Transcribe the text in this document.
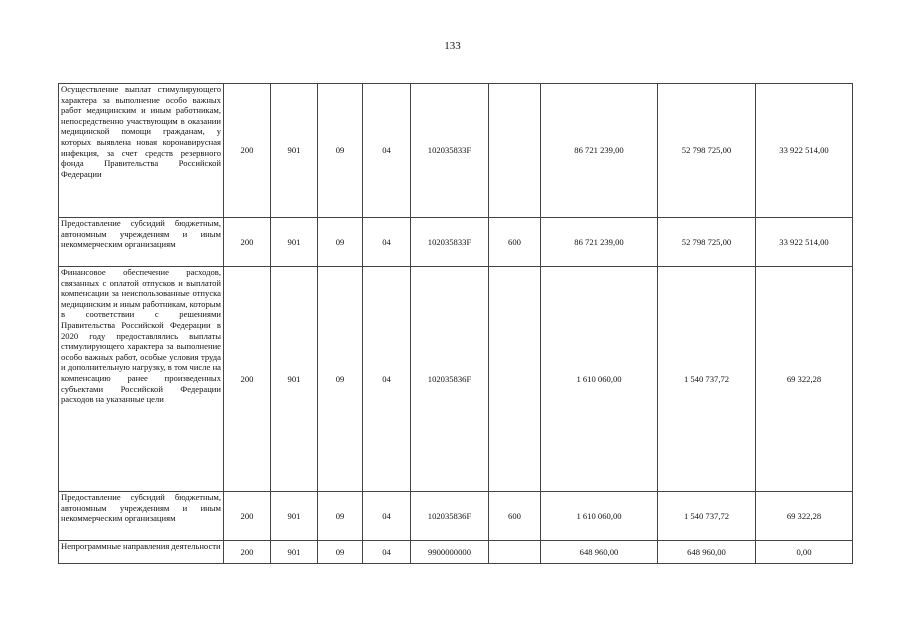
133
Осуществление выплат стимулирующего характера за выполнение особо важных работ медицинским и иным работникам, непосредственно участвующим в оказании медицинской помощи гражданам, у которых выявлена новая коронавирусная инфекция, за счет средств резервного фонда Правительства Российской Федерации	200	901	09	04	102035833F		86 721 239,00	52 798 725,00	33 922 514,00
Предоставление субсидий бюджетным, автономным учреждениям и иным некоммерческим организациям	200	901	09	04	102035833F	600	86 721 239,00	52 798 725,00	33 922 514,00
Финансовое обеспечение расходов, связанных с оплатой отпусков и выплатой компенсации за неиспользованные отпуска медицинским и иным работникам, которым в соответствии с решениями Правительства Российской Федерации в 2020 году предоставлялись выплаты стимулирующего характера за выполнение особо важных работ, особые условия труда и дополнительную нагрузку, в том числе на компенсацию ранее произведенных субъектами Российской Федерации расходов на указанные цели	200	901	09	04	102035836F		1 610 060,00	1 540 737,72	69 322,28
Предоставление субсидий бюджетным, автономным учреждениям и иным некоммерческим организациям	200	901	09	04	102035836F	600	1 610 060,00	1 540 737,72	69 322,28
Непрограммные направления деятельности	200	901	09	04	9900000000		648 960,00	648 960,00	0,00
